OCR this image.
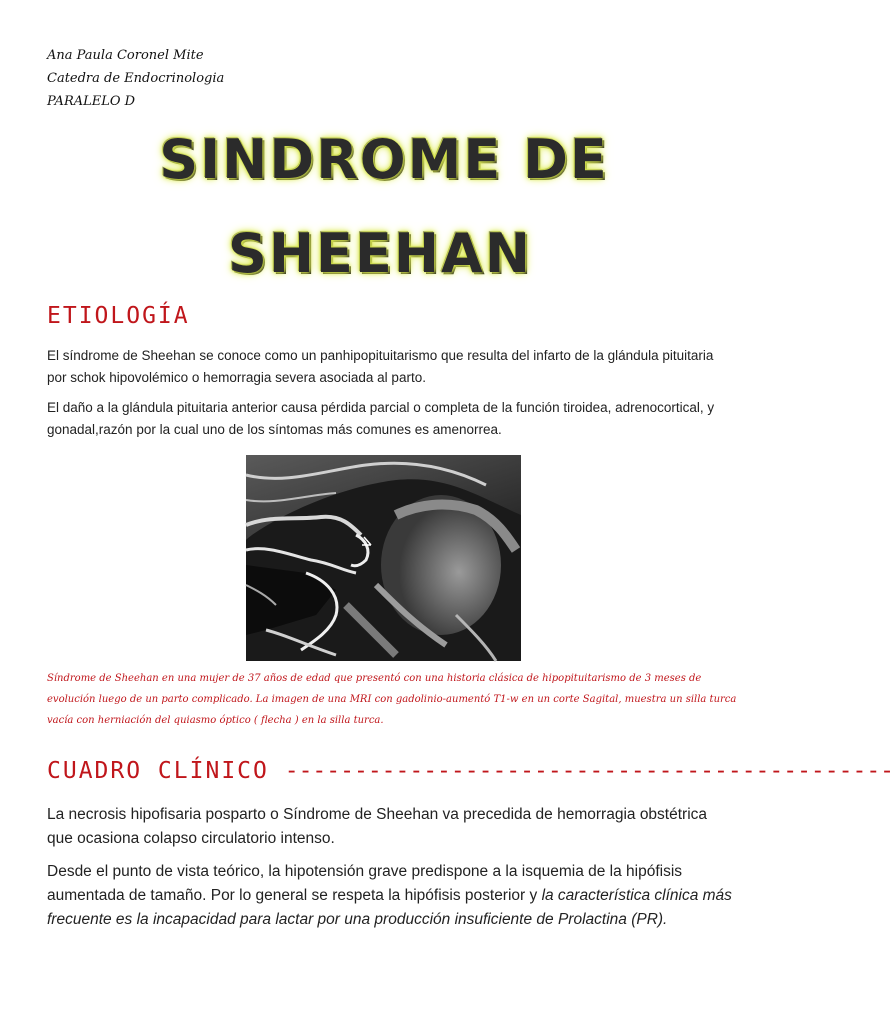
Ana Paula Coronel Mite
Catedra de Endocrinologia
PARALELO D
SINDROME DE
SHEEHAN
ETIOLOGÍA
El síndrome de Sheehan se conoce como un panhipopituitarismo que resulta del infarto de la glándula pituitaria por schok hipovolémico o hemorragia severa asociada al parto.
El daño a la glándula pituitaria anterior causa pérdida parcial o completa de la función tiroidea, adrenocortical, y gonadal,razón por la cual uno de los síntomas más comunes es amenorrea.
Síndrome de Sheehan en una mujer de 37 años de edad que presentó con una historia clásica de hipopituitarismo de 3 meses de evolución luego de un parto complicado. La imagen de una MRI con gadolinio-aumentó T1-w en un corte Sagital, muestra un silla turca vacía con herniación del quiasmo óptico ( flecha ) en la silla turca.
CUADRO CLÍNICO --------------------------------------------
La necrosis hipofisaria posparto o Síndrome de Sheehan va precedida de hemorragia obstétrica que ocasiona colapso circulatorio intenso.
Desde el punto de vista teórico, la hipotensión grave predispone a la isquemia de la hipófisis aumentada de tamaño. Por lo general se respeta la hipófisis posterior y la característica clínica más frecuente es la incapacidad para lactar por una producción insuficiente de Prolactina (PR).
